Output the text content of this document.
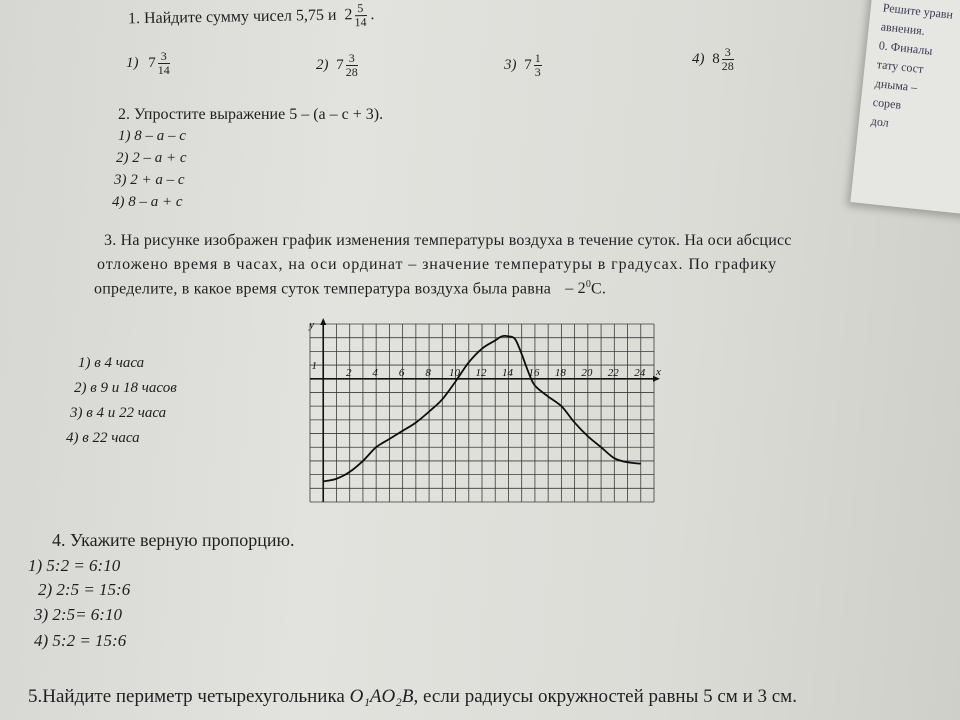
1. Найдите сумму чисел 5,75 и $2 \frac{5}{14}$ .
1) $7 \frac{3}{14}$	2) $7 \frac{3}{28}$	3) $7 \frac{1}{3}$	4) $8 \frac{3}{28}$
2. Упростите выражение 5 – (a – c + 3).
1) 8 – a – c
2) 2 – a + c
3) 2 + a – c
4) 8 – a + c
3. На рисунке изображен график изменения температуры воздуха в течение суток. На оси абсцисс
отложено время в часах, на оси ординат – значение температуры в градусах. По графику
определите, в какое время суток температура воздуха была равна – $2^0C$.
1) в 4 часа
2) в 9 и 18 часов
3) в 4 и 22 часа
4) в 22 часа
2 4 6 8 10 12 14 16 18 20 22 24
1	x
y
4. Укажите верную пропорцию.
1) 5:2 = 6:10
2) 2:5 = 15:6
3) 2:5= 6:10
4) 5:2 = 15:6
5.Найдите периметр четырехугольника O₁AO₂B, если радиусы окружностей равны 5 см и 3 см.
Решите уравн
авнения.
0. Финалы
тату сост
дныма –
сорев
дол
